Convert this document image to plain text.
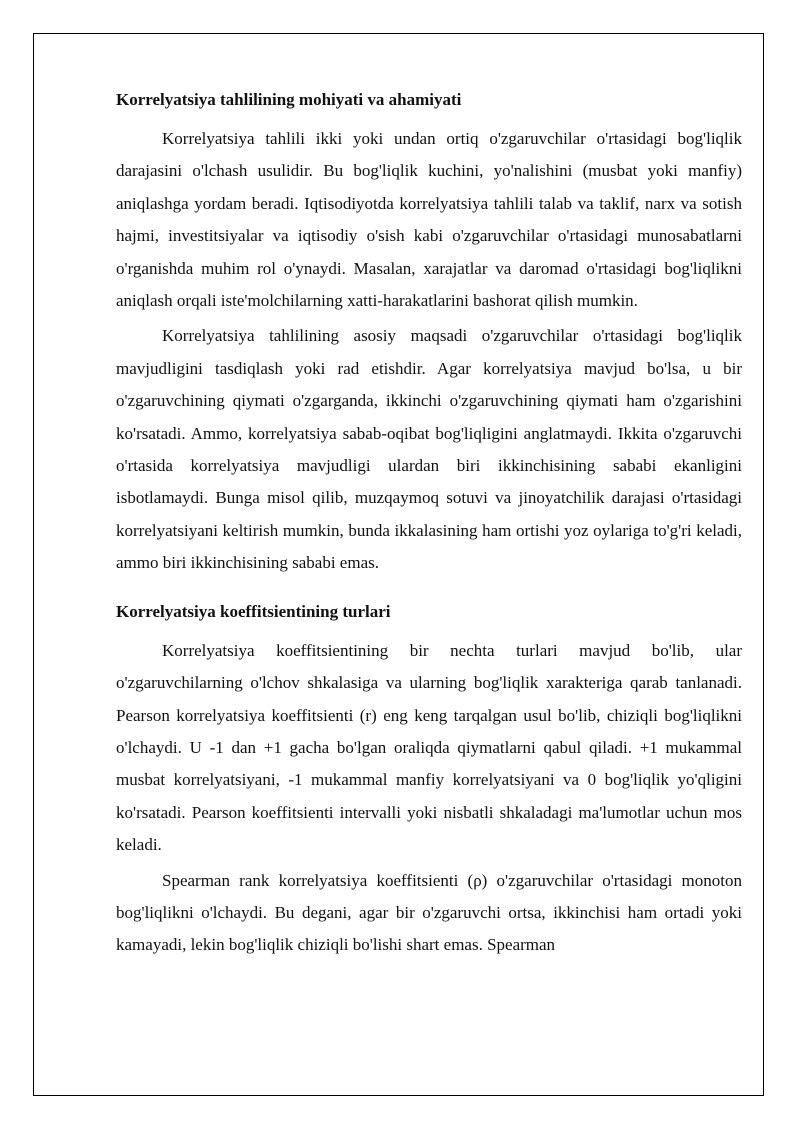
Korrelyatsiya tahlilining mohiyati va ahamiyati

Korrelyatsiya tahlili ikki yoki undan ortiq o'zgaruvchilar o'rtasidagi bog'liqlik darajasini o'lchash usulidir. Bu bog'liqlik kuchini, yo'nalishini (musbat yoki manfiy) aniqlashga yordam beradi. Iqtisodiyotda korrelyatsiya tahlili talab va taklif, narx va sotish hajmi, investitsiyalar va iqtisodiy o'sish kabi o'zgaruvchilar o'rtasidagi munosabatlarni o'rganishda muhim rol o'ynaydi. Masalan, xarajatlar va daromad o'rtasidagi bog'liqlikni aniqlash orqali iste'molchilarning xatti-harakatlarini bashorat qilish mumkin.

Korrelyatsiya tahlilining asosiy maqsadi o'zgaruvchilar o'rtasidagi bog'liqlik mavjudligini tasdiqlash yoki rad etishdir. Agar korrelyatsiya mavjud bo'lsa, u bir o'zgaruvchining qiymati o'zgarganda, ikkinchi o'zgaruvchining qiymati ham o'zgarishini ko'rsatadi. Ammo, korrelyatsiya sabab-oqibat bog'liqligini anglatmaydi. Ikkita o'zgaruvchi o'rtasida korrelyatsiya mavjudligi ulardan biri ikkinchisining sababi ekanligini isbotlamaydi. Bunga misol qilib, muzqaymoq sotuvi va jinoyatchilik darajasi o'rtasidagi korrelyatsiyani keltirish mumkin, bunda ikkalasining ham ortishi yoz oylariga to'g'ri keladi, ammo biri ikkinchisining sababi emas.

Korrelyatsiya koeffitsientining turlari

Korrelyatsiya koeffitsientining bir nechta turlari mavjud bo'lib, ular o'zgaruvchilarning o'lchov shkalasiga va ularning bog'liqlik xarakteriga qarab tanlanadi. Pearson korrelyatsiya koeffitsienti (r) eng keng tarqalgan usul bo'lib, chiziqli bog'liqlikni o'lchaydi. U -1 dan +1 gacha bo'lgan oraliqda qiymatlarni qabul qiladi. +1 mukammal musbat korrelyatsiyani, -1 mukammal manfiy korrelyatsiyani va 0 bog'liqlik yo'qligini ko'rsatadi. Pearson koeffitsienti intervalli yoki nisbatli shkaladagi ma'lumotlar uchun mos keladi.

Spearman rank korrelyatsiya koeffitsienti (ρ) o'zgaruvchilar o'rtasidagi monoton bog'liqlikni o'lchaydi. Bu degani, agar bir o'zgaruvchi ortsa, ikkinchisi ham ortadi yoki kamayadi, lekin bog'liqlik chiziqli bo'lishi shart emas. Spearman
